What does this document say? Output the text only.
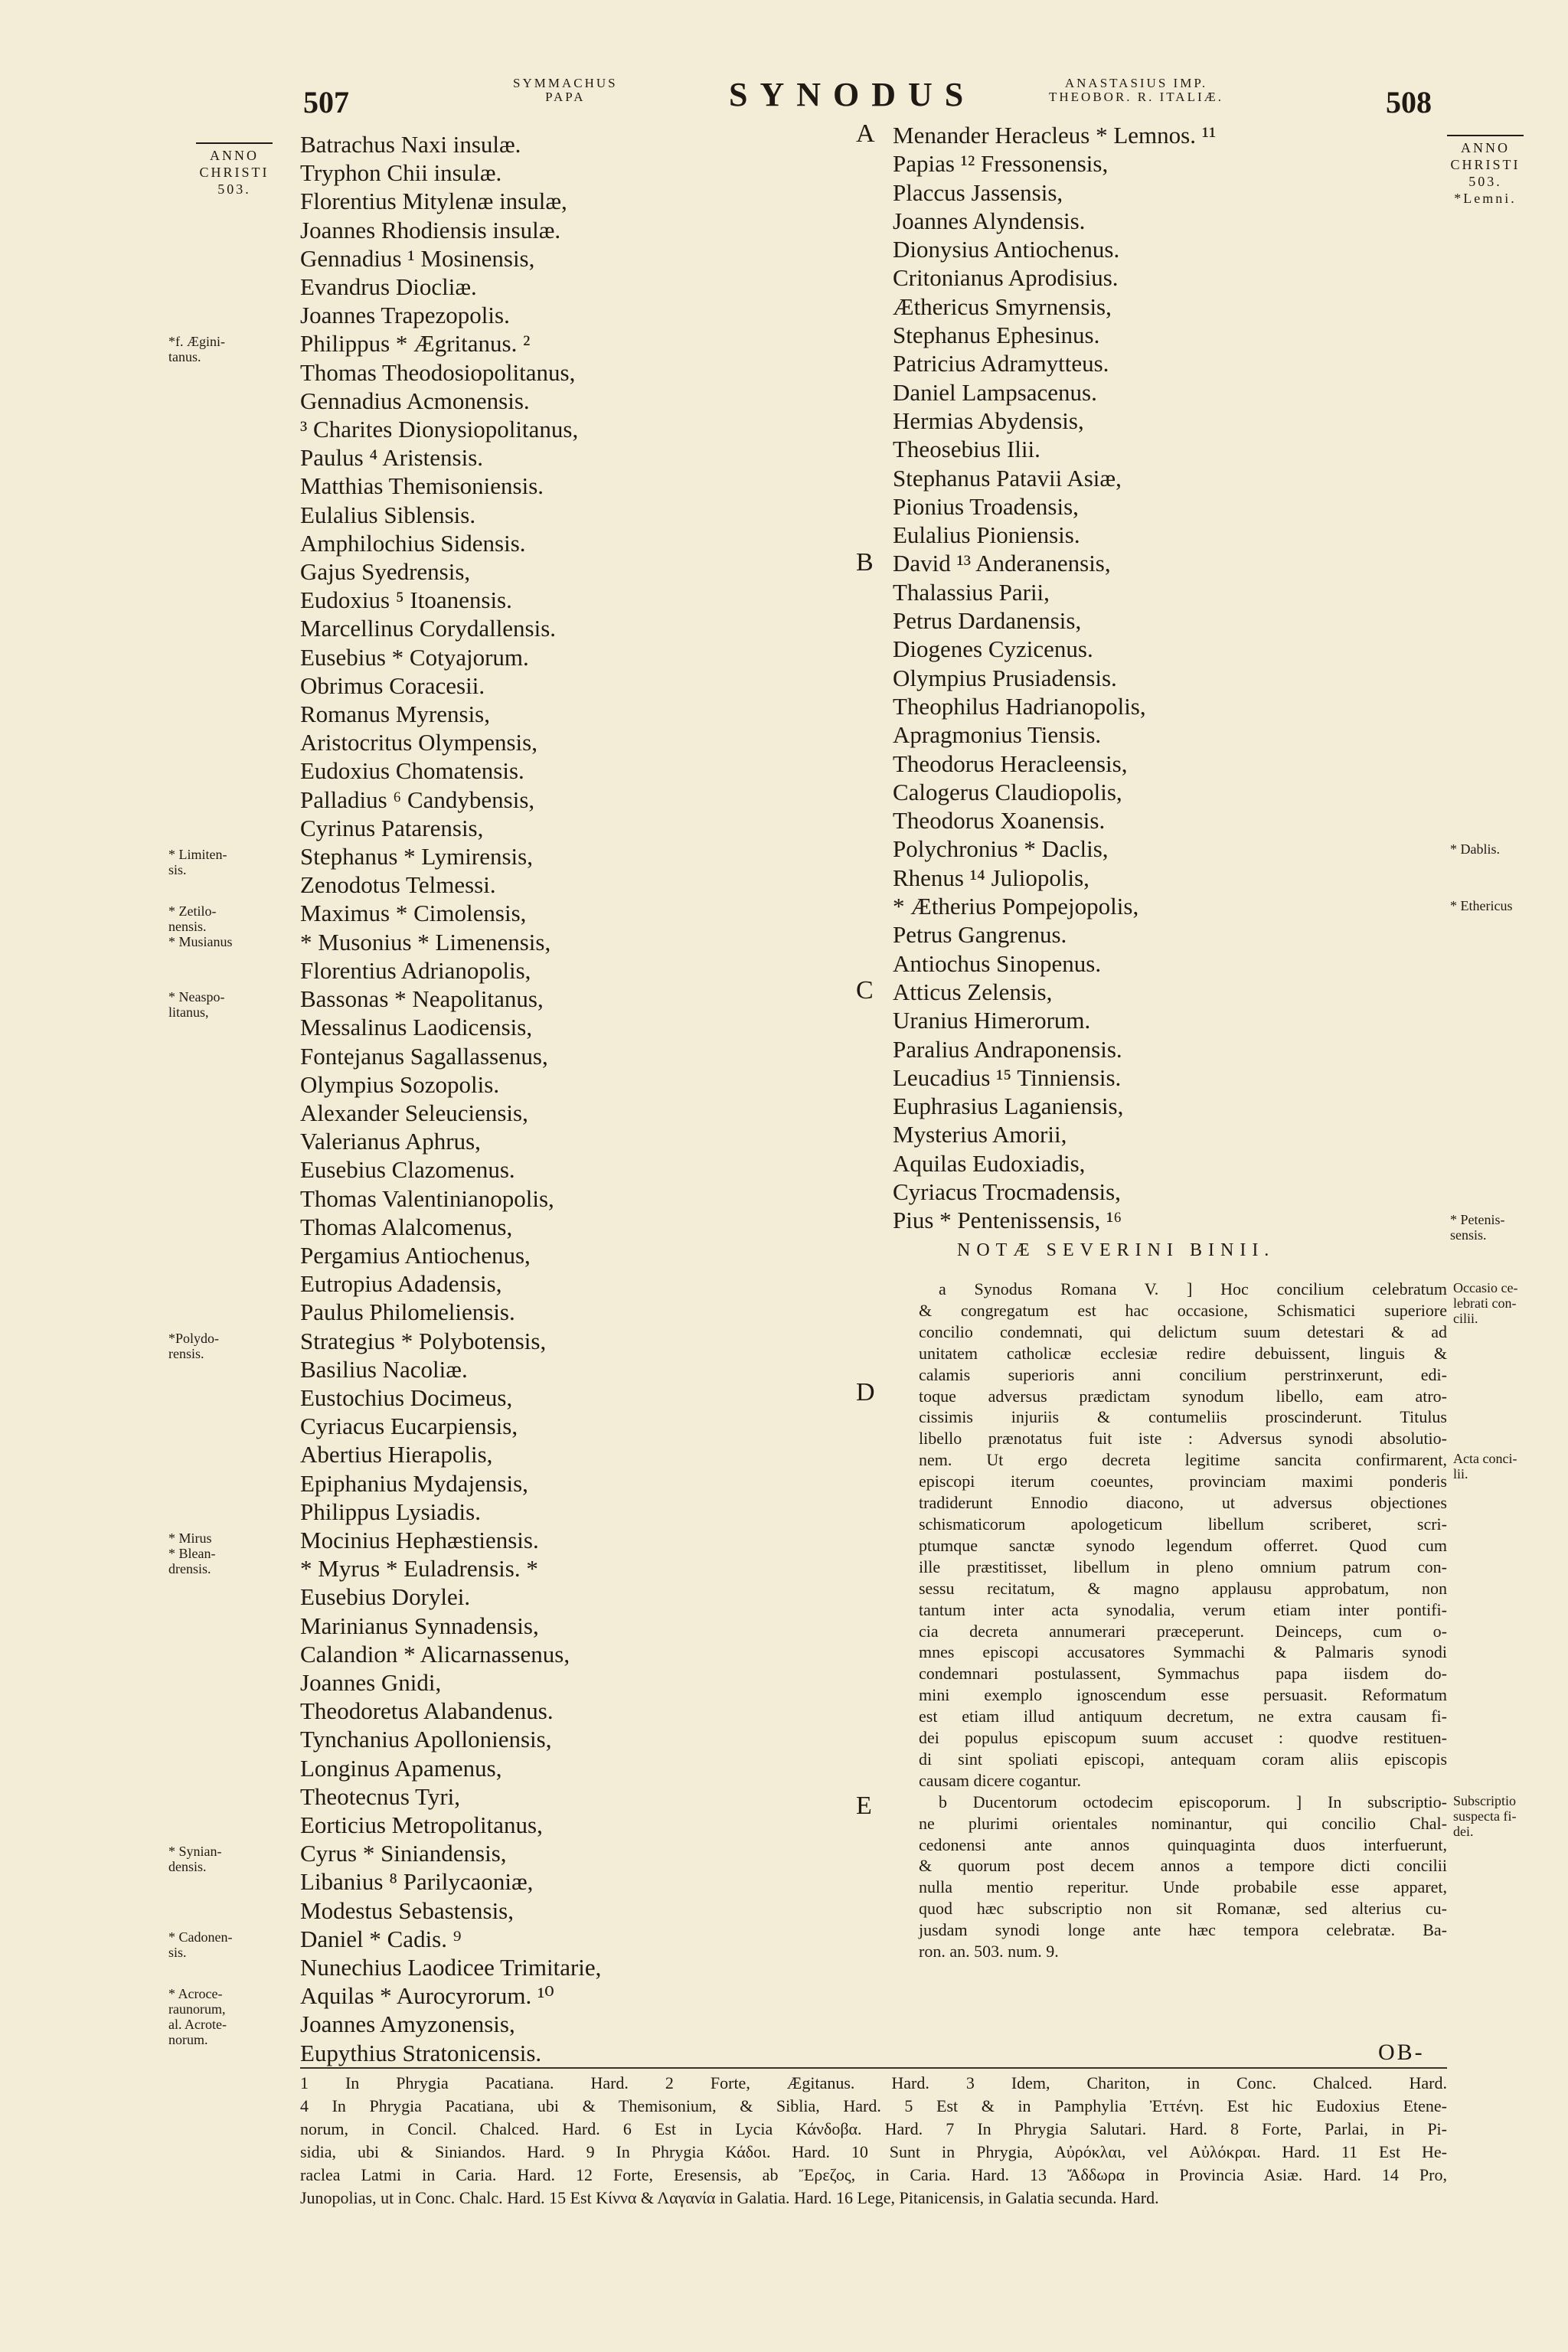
507
SYMMACHUS
PAPA	SYNODUS	ANASTASIUS IMP.
THEOBOR. R. ITALIÆ.	508
ANNO
CHRISTI
503.
ANNO
CHRISTI
503.
*Lemni.
Batrachus Naxi insulæ.
Tryphon Chii insulæ.
Florentius Mitylenæ insulæ,
Joannes Rhodiensis insulæ.
Gennadius ¹ Mosinensis,
Evandrus Diocliæ.
Joannes Trapezopolis.
Philippus * Ægritanus. ²
Thomas Theodosiopolitanus,
Gennadius Acmonensis.
³ Charites Dionysiopolitanus,
Paulus ⁴ Aristensis.
Matthias Themisoniensis.
Eulalius Siblensis.
Amphilochius Sidensis.
Gajus Syedrensis,
Eudoxius ⁵ Itoanensis.
Marcellinus Corydallensis.
Eusebius * Cotyajorum.
Obrimus Coracesii.
Romanus Myrensis,
Aristocritus Olympensis,
Eudoxius Chomatensis.
Palladius ⁶ Candybensis,
Cyrinus Patarensis,
Stephanus * Lymirensis,
Zenodotus Telmessi.
Maximus * Cimolensis,
* Musonius * Limenensis,
Florentius Adrianopolis,
Bassonas * Neapolitanus,
Messalinus Laodicensis,
Fontejanus Sagallassenus,
Olympius Sozopolis.
Alexander Seleuciensis,
Valerianus Aphrus,
Eusebius Clazomenus.
Thomas Valentinianopolis,
Thomas Alalcomenus,
Pergamius Antiochenus,
Eutropius Adadensis,
Paulus Philomeliensis.
Strategius * Polybotensis,
Basilius Nacoliæ.
Eustochius Docimeus,
Cyriacus Eucarpiensis,
Abertius Hierapolis,
Epiphanius Mydajensis,
Philippus Lysiadis.
Mocinius Hephæstiensis.
* Myrus * Euladrensis. *
Eusebius Dorylei.
Marinianus Synnadensis,
Calandion * Alicarnassenus,
Joannes Gnidi,
Theodoretus Alabandenus.
Tynchanius Apolloniensis,
Longinus Apamenus,
Theotecnus Tyri,
Eorticius Metropolitanus,
Cyrus * Siniandensis,
Libanius ⁸ Parilycaoniæ,
Modestus Sebastensis,
Daniel * Cadis. ⁹
Nunechius Laodicee Trimitarie,
Aquilas * Aurocyrorum. ¹⁰
Joannes Amyzonensis,
Eupythius Stratonicensis.
*f. Ægini-
tanus.
* Limiten-
sis.
* Zetilo-
nensis.
* Musianus
* Neaspo-
litanus,
*Polydo-
rensis.
* Mirus
* Blean-
drensis.
* Synian-
densis.
* Cadonen-
sis.
* Acroce-
raunorum,
al. Acrote-
norum.
Menander Heracleus * Lemnos. ¹¹
Papias ¹² Fressonensis,
Placcus Jassensis,
Joannes Alyndensis.
Dionysius Antiochenus.
Critonianus Aprodisius.
Æthericus Smyrnensis,
Stephanus Ephesinus.
Patricius Adramytteus.
Daniel Lampsacenus.
Hermias Abydensis,
Theosebius Ilii.
Stephanus Patavii Asiæ,
Pionius Troadensis,
Eulalius Pioniensis.
David ¹³ Anderanensis,
Thalassius Parii,
Petrus Dardanensis,
Diogenes Cyzicenus.
Olympius Prusiadensis.
Theophilus Hadrianopolis,
Apragmonius Tiensis.
Theodorus Heracleensis,
Calogerus Claudiopolis,
Theodorus Xoanensis.
Polychronius * Daclis,
Rhenus ¹⁴ Juliopolis,
* Ætherius Pompejopolis,
Petrus Gangrenus.
Antiochus Sinopenus.
Atticus Zelensis,
Uranius Himerorum.
Paralius Andraponensis.
Leucadius ¹⁵ Tinniensis.
Euphrasius Laganiensis,
Mysterius Amorii,
Aquilas Eudoxiadis,
Cyriacus Trocmadensis,
Pius * Pentenissensis, ¹⁶
* Dablis.
* Ethericus
* Petenis-
sensis.
A
B
C
NOTÆ SEVERINI BINII.
a Synodus Romana V. ] Hoc concilium celebratum
& congregatum est hac occasione, Schismatici superiore
concilio condemnati, qui delictum suum detestari & ad
unitatem catholicæ ecclesiæ redire debuissent, linguis &
calamis superioris anni concilium perstrinxerunt, edi-
toque adversus prædictam synodum libello, eam atro-
cissimis injuriis & contumeliis proscinderunt. Titulus
libello prænotatus fuit iste : Adversus synodi absolutio-
nem. Ut ergo decreta legitime sancita confirmarent,
episcopi iterum coeuntes, provinciam maximi ponderis
tradiderunt Ennodio diacono, ut adversus objectiones
schismaticorum apologeticum libellum scriberet, scri-
ptumque sanctæ synodo legendum offerret. Quod cum
ille præstitisset, libellum in pleno omnium patrum con-
sessu recitatum, & magno applausu approbatum, non
tantum inter acta synodalia, verum etiam inter pontifi-
cia decreta annumerari præceperunt. Deinceps, cum o-
mnes episcopi accusatores Symmachi & Palmaris synodi
condemnari postulassent, Symmachus papa iisdem do-
mini exemplo ignoscendum esse persuasit. Reformatum
est etiam illud antiquum decretum, ne extra causam fi-
dei populus episcopum suum accuset : quodve restituen-
di sint spoliati episcopi, antequam coram aliis episcopis
causam dicere cogantur.
b Ducentorum octodecim episcoporum. ] In subscriptio-
ne plurimi orientales nominantur, qui concilio Chal-
cedonensi ante annos quinquaginta duos interfuerunt,
& quorum post decem annos a tempore dicti concilii
nulla mentio reperitur. Unde probabile esse apparet,
quod hæc subscriptio non sit Romanæ, sed alterius cu-
jusdam synodi longe ante hæc tempora celebratæ. Ba-
ron. an. 503. num. 9.
Occasio ce-
lebrati con-
cilii.
Acta conci-
lii.
Subscriptio
suspecta fi-
dei.
D
E
OB-
1 In Phrygia Pacatiana. Hard. 2 Forte, Ægitanus. Hard. 3 Idem, Chariton, in Conc. Chalced. Hard.
4 In Phrygia Pacatiana, ubi & Themisonium, & Siblia, Hard. 5 Est & in Pamphylia Ἐττένη. Est hic Eudoxius Etene-
norum, in Concil. Chalced. Hard. 6 Est in Lycia Κάνδοβα. Hard. 7 In Phrygia Salutari. Hard. 8 Forte, Parlai, in Pi-
sidia, ubi & Siniandos. Hard. 9 In Phrygia Κάδοι. Hard. 10 Sunt in Phrygia, Αὐρόκλαι, vel Αὐλόκραι. Hard. 11 Est He-
raclea Latmi in Caria. Hard. 12 Forte, Eresensis, ab Ἔρεζος, in Caria. Hard. 13 Ἄδδωρα in Provincia Asiæ. Hard. 14 Pro,
Junopolias, ut in Conc. Chalc. Hard. 15 Est Κίννα & Λαγανία in Galatia. Hard. 16 Lege, Pitanicensis, in Galatia secunda. Hard.
